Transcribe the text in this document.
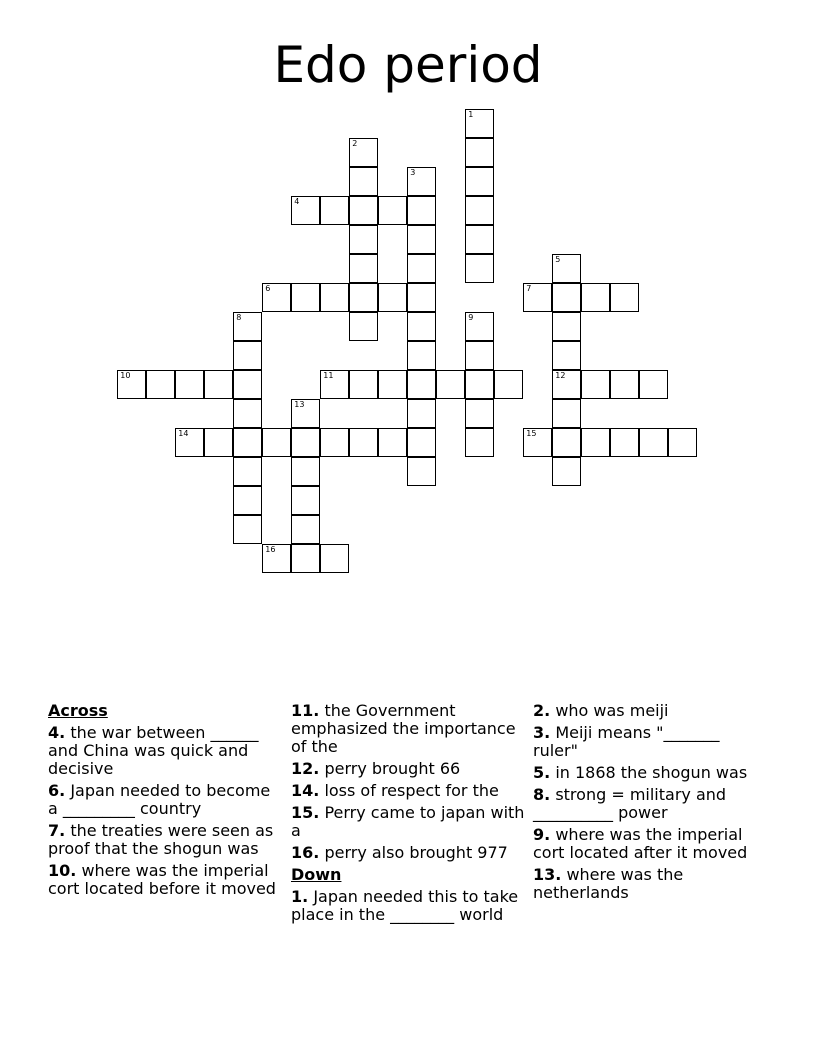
Edo period
1
2
3
4
5
12
6	7
8	9
10	11
13
14	15
16
Across
4. the war between ______ and China was quick and decisive
6. Japan needed to become a _________ country
7. the treaties were seen as proof that the shogun was
10. where was the imperial cort located before it moved
11. the Government emphasized the importance of the
12. perry brought 66
14. loss of respect for the
15. Perry came to japan with a
16. perry also brought 977
Down
1. Japan needed this to take place in the ________ world
2. who was meiji
3. Meiji means "_______ ruler"
5. in 1868 the shogun was
8. strong = military and __________ power
9. where was the imperial cort located after it moved
13. where was the netherlands
